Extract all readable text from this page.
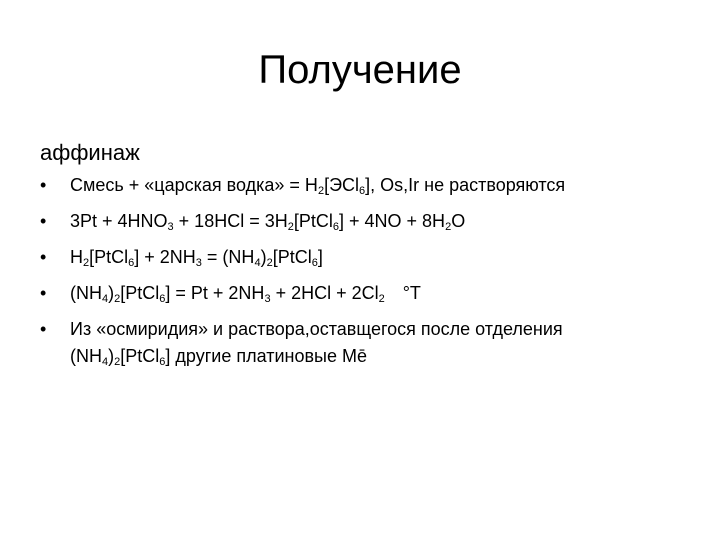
Получение
аффинаж
•	Смесь + «царская водка» = $H_2[ЭCl_6]$, Os,Ir не растворяются
•	$3Pt + 4HNO_3 + 18HCl$ = $3H_2[PtCl_6] + 4NO + 8H_2O$
•	$H_2[PtCl_6] + 2NH_3$ = $(NH_4)_2[PtCl_6]$
•	$(NH_4)_2[PtCl_6] = Pt + 2NH_3 + 2HCl + 2Cl_2$ °T
•	Из «осмиридия» и раствора,оставщегося после отделения $(NH_4)_2[PtCl_6]$ другие платиновые Mē
